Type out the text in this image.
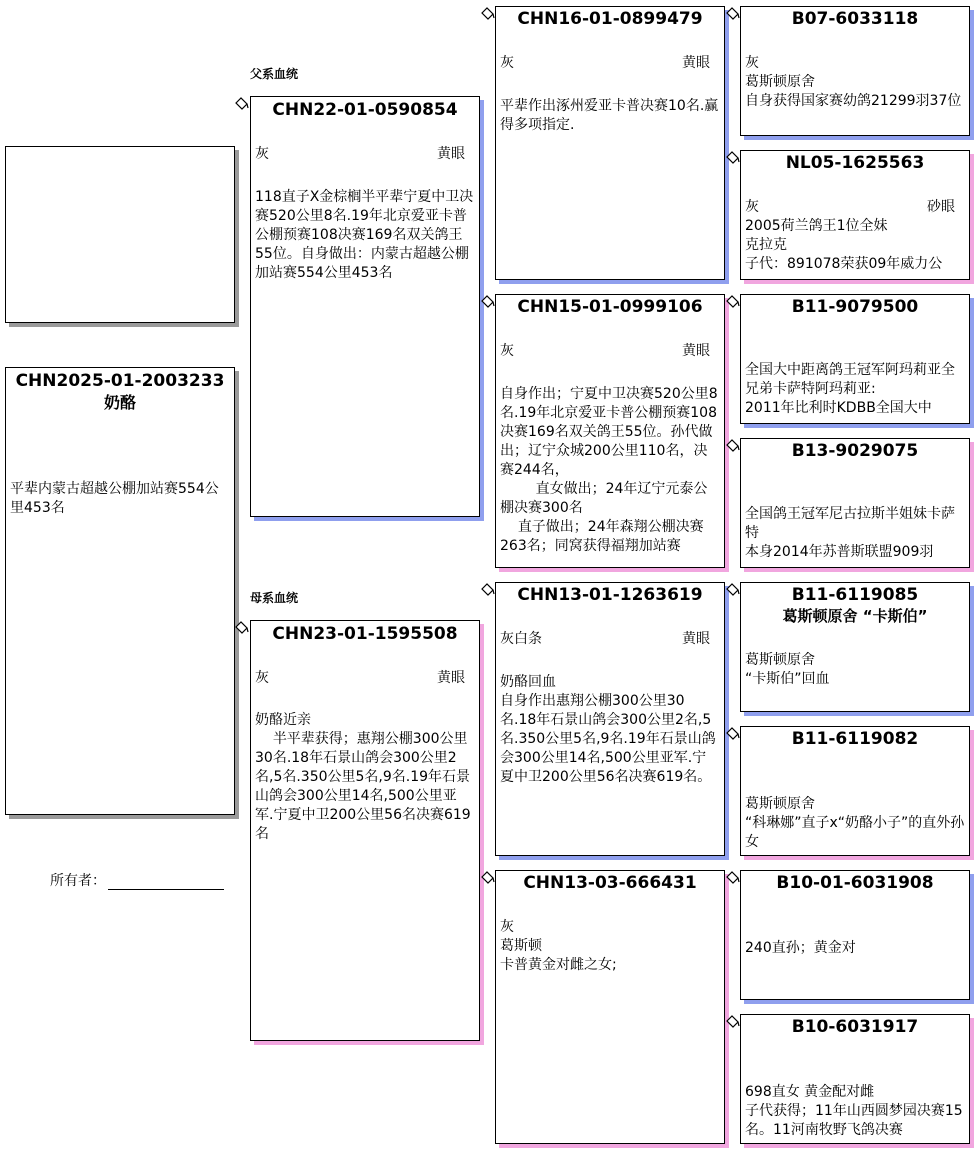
父系血统
母系血统
CHN2025-01-2003233
奶酪
平辈内蒙古超越公棚加站赛554公里453名
所有者：
CHN22-01-0590854
灰	黄眼
118直子X金棕榈半平辈宁夏中卫决赛520公里8名.19年北京爱亚卡普公棚预赛108决赛169名双关鸽王55位。自身做出：内蒙古超越公棚加站赛554公里453名
CHN23-01-1595508
灰	黄眼
奶酪近亲
半平辈获得；惠翔公棚300公里30名.18年石景山鸽会300公里2名,5名.350公里5名,9名.19年石景山鸽会300公里14名,500公里亚军.宁夏中卫200公里56名决赛619名
CHN16-01-0899479
灰	黄眼
平辈作出涿州爱亚卡普决赛10名.赢得多项指定.
CHN15-01-0999106
灰	黄眼
自身作出；宁夏中卫决赛520公里8名.19年北京爱亚卡普公棚预赛108决赛169名双关鸽王55位。孙代做出；辽宁众城200公里110名，决赛244名，
直女做出；24年辽宁元泰公棚决赛300名
直子做出；24年森翔公棚决赛263名；同窝获得福翔加站赛
CHN13-01-1263619
灰白条	黄眼
奶酪回血
自身作出惠翔公棚300公里30名.18年石景山鸽会300公里2名,5名.350公里5名,9名.19年石景山鸽会300公里14名,500公里亚军.宁夏中卫200公里56名决赛619名。
CHN13-03-666431
灰
葛斯顿
卡普黄金对雌之女;
B07-6033118
灰
葛斯顿原舍
自身获得国家赛幼鸽21299羽37位
NL05-1625563
灰	砂眼
2005荷兰鸽王1位全妹
克拉克
子代：891078荣获09年威力公
B11-9079500
全国大中距离鸽王冠军阿玛莉亚全兄弟卡萨特阿玛莉亚:
2011年比利时KDBB全国大中
B13-9029075
全国鸽王冠军尼古拉斯半姐妹卡萨特
本身2014年苏普斯联盟909羽
B11-6119085
葛斯顿原舍 “卡斯伯”
葛斯顿原舍
“卡斯伯”回血
B11-6119082
葛斯顿原舍
“科琳娜”直子x“奶酪小子”的直外孙女
B10-01-6031908
240直孙；黄金对
B10-6031917
698直女 黄金配对雌
子代获得；11年山西圆梦园决赛15名。11河南牧野飞鸽决赛
